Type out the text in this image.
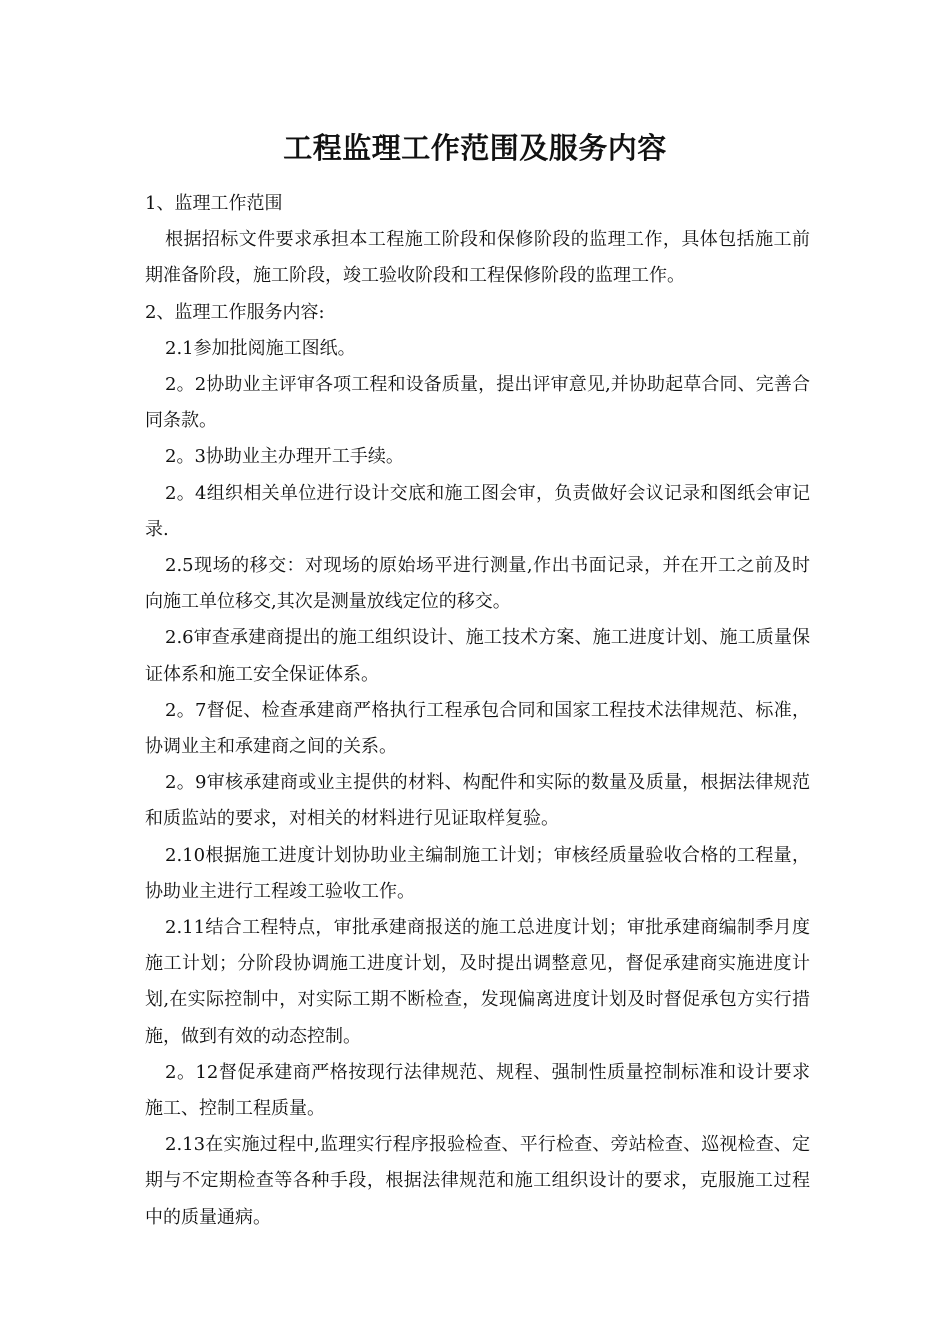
工程监理工作范围及服务内容

1、监理工作范围

根据招标文件要求承担本工程施工阶段和保修阶段的监理工作，具体包括施工前期准备阶段，施工阶段，竣工验收阶段和工程保修阶段的监理工作。

2、监理工作服务内容:

2.1参加批阅施工图纸。

2。2协助业主评审各项工程和设备质量，提出评审意见,并协助起草合同、完善合同条款。

2。3协助业主办理开工手续。

2。4组织相关单位进行设计交底和施工图会审，负责做好会议记录和图纸会审记录.

2.5现场的移交：对现场的原始场平进行测量,作出书面记录，并在开工之前及时向施工单位移交,其次是测量放线定位的移交。

2.6审查承建商提出的施工组织设计、施工技术方案、施工进度计划、施工质量保证体系和施工安全保证体系。

2。7督促、检查承建商严格执行工程承包合同和国家工程技术法律规范、标准，协调业主和承建商之间的关系。

2。9审核承建商或业主提供的材料、构配件和实际的数量及质量，根据法律规范和质监站的要求，对相关的材料进行见证取样复验。

2.10根据施工进度计划协助业主编制施工计划；审核经质量验收合格的工程量，协助业主进行工程竣工验收工作。

2.11结合工程特点，审批承建商报送的施工总进度计划；审批承建商编制季月度施工计划；分阶段协调施工进度计划，及时提出调整意见，督促承建商实施进度计划,在实际控制中，对实际工期不断检查，发现偏离进度计划及时督促承包方实行措施，做到有效的动态控制。

2。12督促承建商严格按现行法律规范、规程、强制性质量控制标准和设计要求施工、控制工程质量。

2.13在实施过程中,监理实行程序报验检查、平行检查、旁站检查、巡视检查、定期与不定期检查等各种手段，根据法律规范和施工组织设计的要求，克服施工过程中的质量通病。
